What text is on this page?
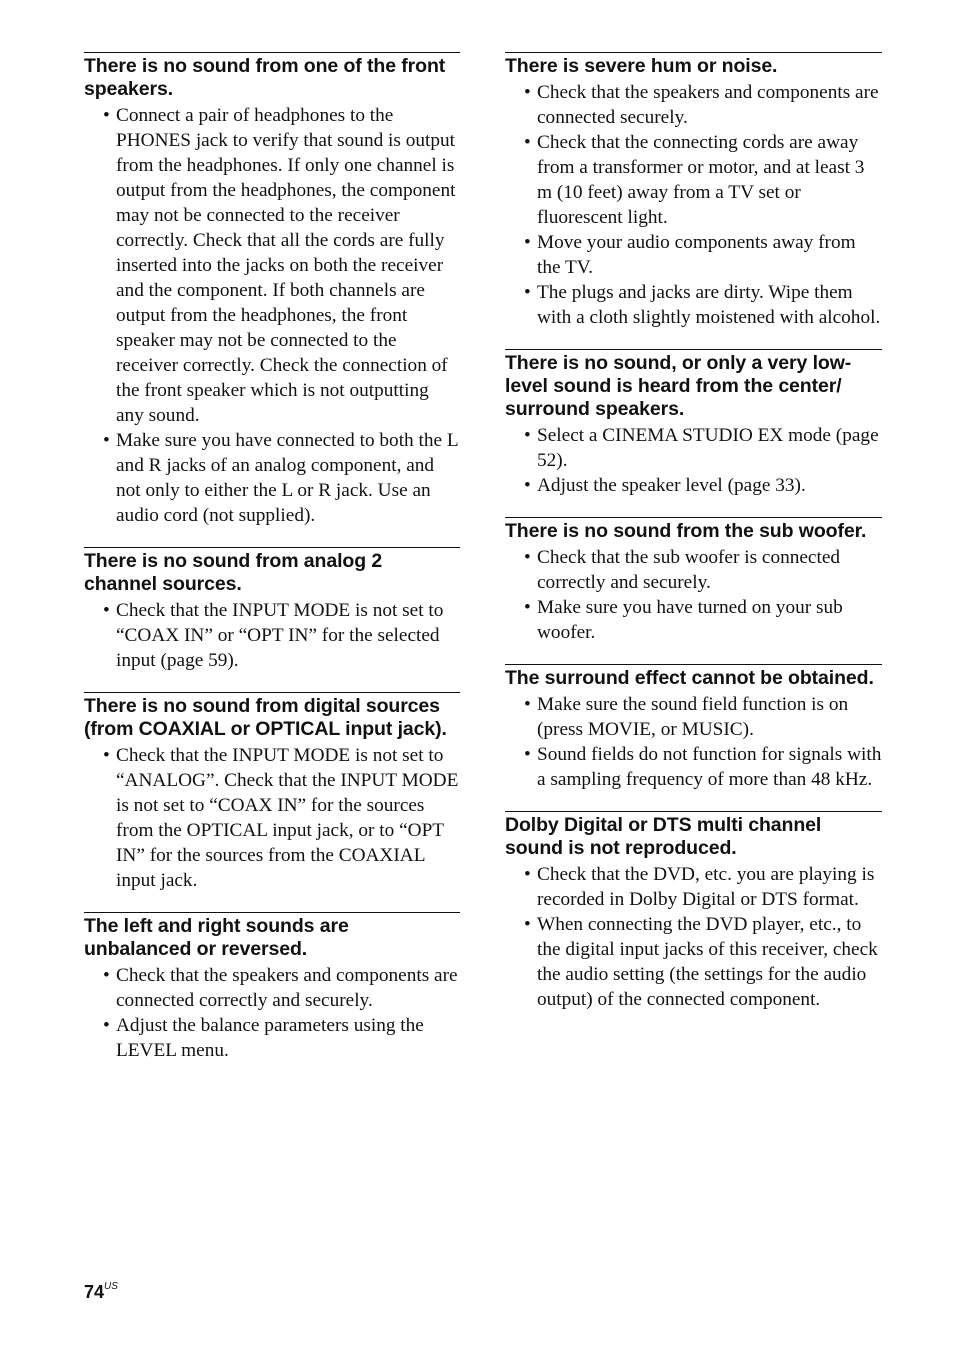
There is no sound from one of the front speakers.
• Connect a pair of headphones to the PHONES jack to verify that sound is output from the headphones. If only one channel is output from the headphones, the component may not be connected to the receiver correctly. Check that all the cords are fully inserted into the jacks on both the receiver and the component. If both channels are output from the headphones, the front speaker may not be connected to the receiver correctly. Check the connection of the front speaker which is not outputting any sound.
• Make sure you have connected to both the L and R jacks of an analog component, and not only to either the L or R jack. Use an audio cord (not supplied).
There is no sound from analog 2 channel sources.
• Check that the INPUT MODE is not set to “COAX IN” or “OPT IN” for the selected input (page 59).
There is no sound from digital sources (from COAXIAL or OPTICAL input jack).
• Check that the INPUT MODE is not set to “ANALOG”. Check that the INPUT MODE is not set to “COAX IN” for the sources from the OPTICAL input jack, or to “OPT IN” for the sources from the COAXIAL input jack.
The left and right sounds are unbalanced or reversed.
• Check that the speakers and components are connected correctly and securely.
• Adjust the balance parameters using the LEVEL menu.
There is severe hum or noise.
• Check that the speakers and components are connected securely.
• Check that the connecting cords are away from a transformer or motor, and at least 3 m (10 feet) away from a TV set or fluorescent light.
• Move your audio components away from the TV.
• The plugs and jacks are dirty. Wipe them with a cloth slightly moistened with alcohol.
There is no sound, or only a very low-level sound is heard from the center/ surround speakers.
• Select a CINEMA STUDIO EX mode (page 52).
• Adjust the speaker level (page 33).
There is no sound from the sub woofer.
• Check that the sub woofer is connected correctly and securely.
• Make sure you have turned on your sub woofer.
The surround effect cannot be obtained.
• Make sure the sound field function is on (press MOVIE, or MUSIC).
• Sound fields do not function for signals with a sampling frequency of more than 48 kHz.
Dolby Digital or DTS multi channel sound is not reproduced.
• Check that the DVD, etc. you are playing is recorded in Dolby Digital or DTS format.
• When connecting the DVD player, etc., to the digital input jacks of this receiver, check the audio setting (the settings for the audio output) of the connected component.
$74^{US}$
